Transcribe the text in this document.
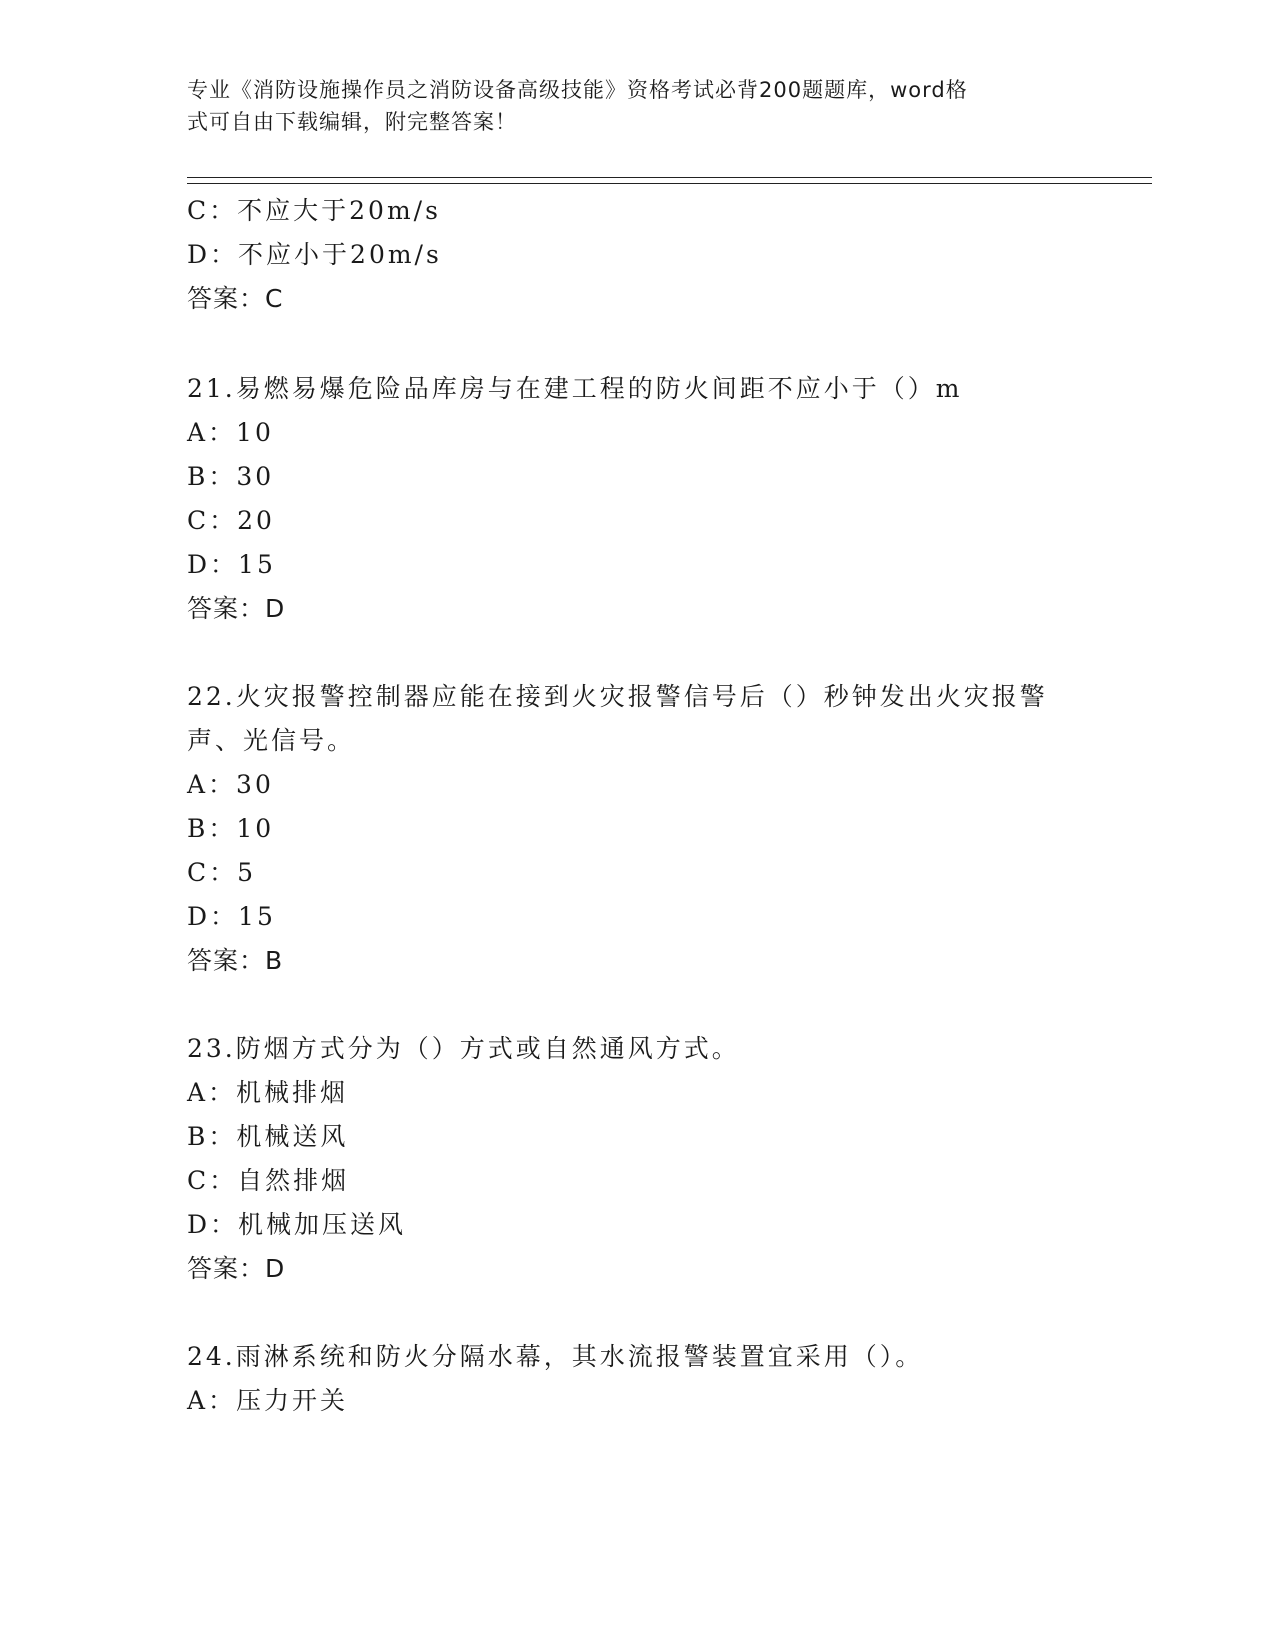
专业《消防设施操作员之消防设备高级技能》资格考试必背200题题库，word格
式可自由下载编辑，附完整答案！
C：不应大于20m/s
D：不应小于20m/s
答案：C
21.易燃易爆危险品库房与在建工程的防火间距不应小于（）m
A：10
B：30
C：20
D：15
答案：D
22.火灾报警控制器应能在接到火灾报警信号后（）秒钟发出火灾报警
声、光信号。
A：30
B：10
C：5
D：15
答案：B
23.防烟方式分为（）方式或自然通风方式。
A：机械排烟
B：机械送风
C：自然排烟
D：机械加压送风
答案：D
24.雨淋系统和防火分隔水幕，其水流报警装置宜采用（）。
A：压力开关
